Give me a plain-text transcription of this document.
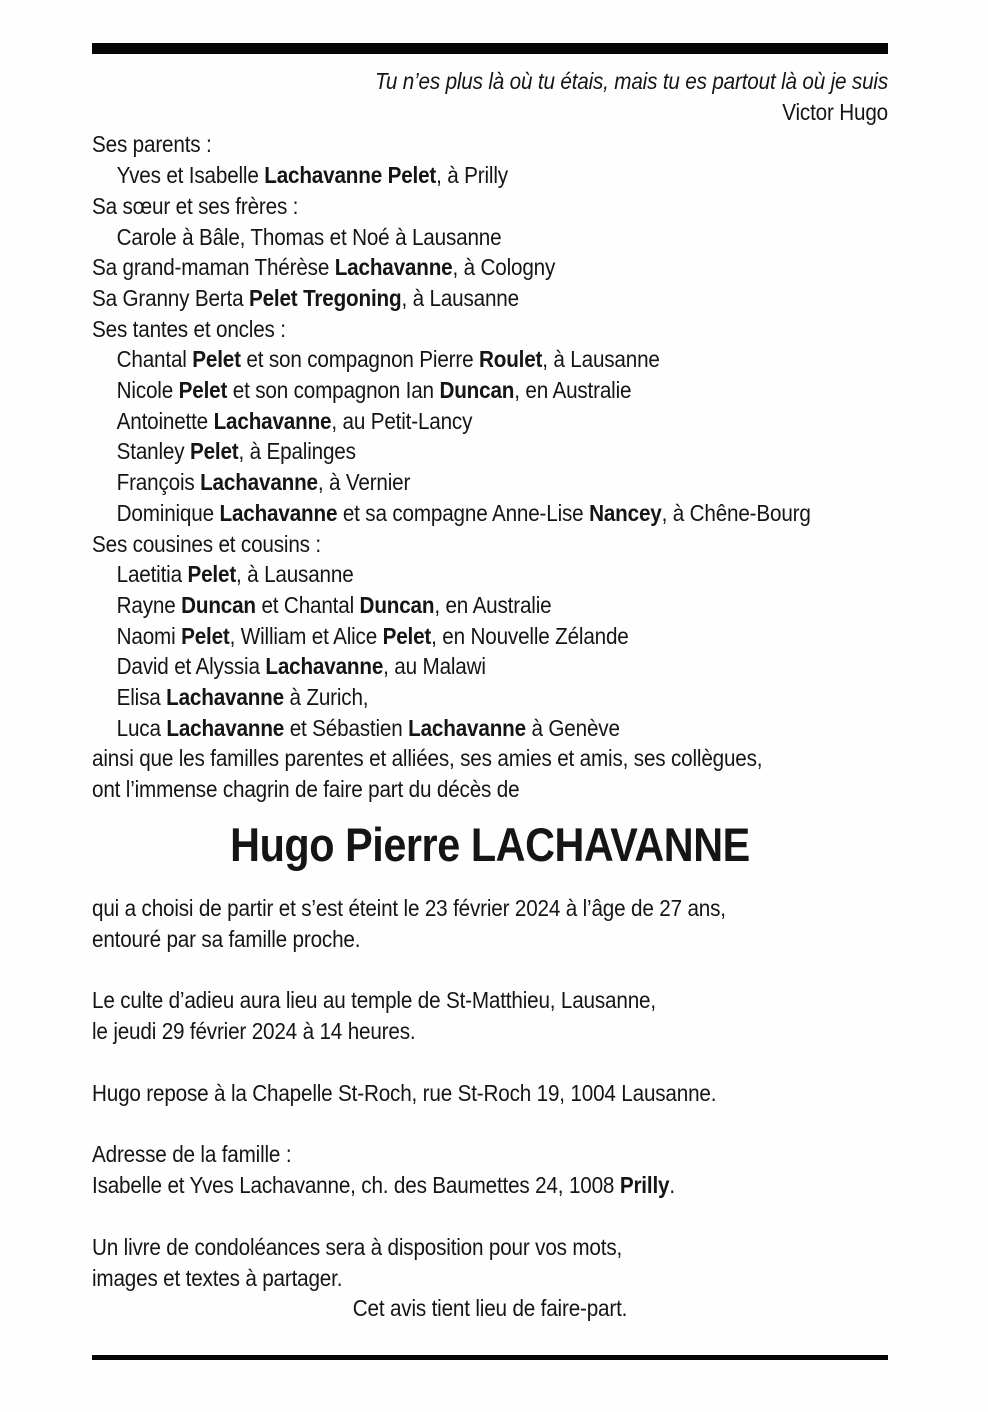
Tu n’es plus là où tu étais, mais tu es partout là où je suis
Victor Hugo
Ses parents :
Yves et Isabelle Lachavanne Pelet, à Prilly
Sa sœur et ses frères :
Carole à Bâle, Thomas et Noé à Lausanne
Sa grand-maman Thérèse Lachavanne, à Cologny
Sa Granny Berta Pelet Tregoning, à Lausanne
Ses tantes et oncles :
Chantal Pelet et son compagnon Pierre Roulet, à Lausanne
Nicole Pelet et son compagnon Ian Duncan, en Australie
Antoinette Lachavanne, au Petit-Lancy
Stanley Pelet, à Epalinges
François Lachavanne, à Vernier
Dominique Lachavanne et sa compagne Anne-Lise Nancey, à Chêne-Bourg
Ses cousines et cousins :
Laetitia Pelet, à Lausanne
Rayne Duncan et Chantal Duncan, en Australie
Naomi Pelet, William et Alice Pelet, en Nouvelle Zélande
David et Alyssia Lachavanne, au Malawi
Elisa Lachavanne à Zurich,
Luca Lachavanne et Sébastien Lachavanne à Genève
ainsi que les familles parentes et alliées, ses amies et amis, ses collègues,
ont l’immense chagrin de faire part du décès de
Hugo Pierre LACHAVANNE
qui a choisi de partir et s’est éteint le 23 février 2024 à l’âge de 27 ans,
entouré par sa famille proche.
Le culte d’adieu aura lieu au temple de St-Matthieu, Lausanne,
le jeudi 29 février 2024 à 14 heures.
Hugo repose à la Chapelle St-Roch, rue St-Roch 19, 1004 Lausanne.
Adresse de la famille :
Isabelle et Yves Lachavanne, ch. des Baumettes 24, 1008 Prilly.
Un livre de condoléances sera à disposition pour vos mots,
images et textes à partager.
Cet avis tient lieu de faire-part.
